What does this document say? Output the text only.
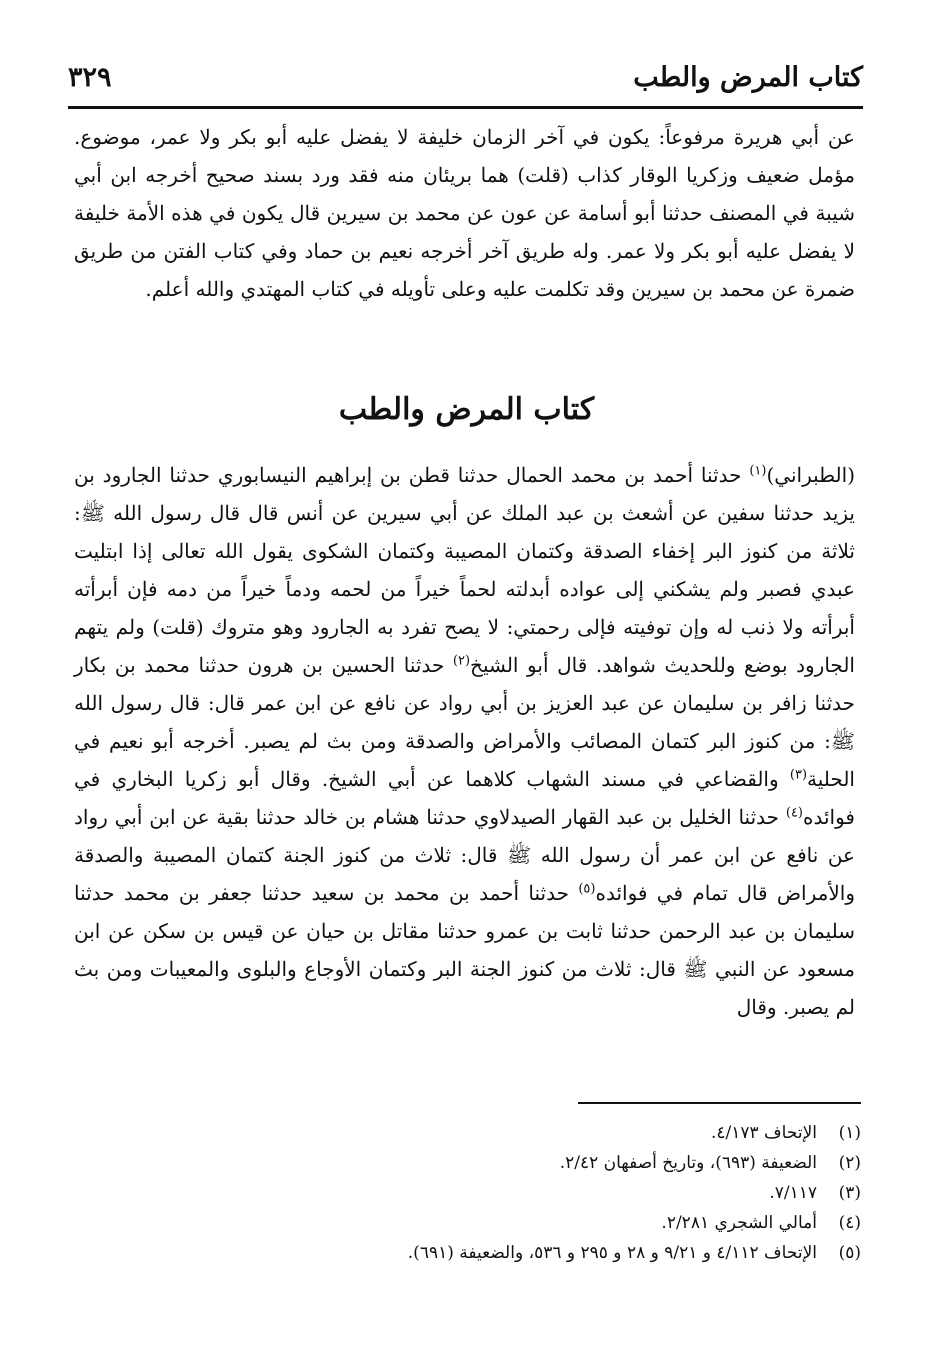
كتاب المرض والطب
٣٢٩

عن أبي هريرة مرفوعاً: يكون في آخر الزمان خليفة لا يفضل عليه أبو بكر ولا عمر، موضوع. مؤمل ضعيف وزكريا الوقار كذاب (قلت) هما بريئان منه فقد ورد بسند صحيح أخرجه ابن أبي شيبة في المصنف حدثنا أبو أسامة عن عون عن محمد بن سيرين قال يكون في هذه الأمة خليفة لا يفضل عليه أبو بكر ولا عمر. وله طريق آخر أخرجه نعيم بن حماد وفي كتاب الفتن من طريق ضمرة عن محمد بن سيرين وقد تكلمت عليه وعلى تأويله في كتاب المهتدي والله أعلم.

كتاب المرض والطب

(الطبراني)$^{(١)}$ حدثنا أحمد بن محمد الحمال حدثنا قطن بن إبراهيم النيسابوري حدثنا الجارود بن يزيد حدثنا سفين عن أشعث بن عبد الملك عن أبي سيرين عن أنس قال قال رسول الله ﷺ: ثلاثة من كنوز البر إخفاء الصدقة وكتمان المصيبة وكتمان الشكوى يقول الله تعالى إذا ابتليت عبدي فصبر ولم يشكني إلى عواده أبدلته لحماً خيراً من لحمه ودماً خيراً من دمه فإن أبرأته أبرأته ولا ذنب له وإن توفيته فإلى رحمتي: لا يصح تفرد به الجارود وهو متروك (قلت) ولم يتهم الجارود بوضع وللحديث شواهد. قال أبو الشيخ$^{(٢)}$ حدثنا الحسين بن هرون حدثنا محمد بن بكار حدثنا زافر بن سليمان عن عبد العزيز بن أبي رواد عن نافع عن ابن عمر قال: قال رسول الله ﷺ: من كنوز البر كتمان المصائب والأمراض والصدقة ومن بث لم يصبر. أخرجه أبو نعيم في الحلية$^{(٣)}$ والقضاعي في مسند الشهاب كلاهما عن أبي الشيخ. وقال أبو زكريا البخاري في فوائده$^{(٤)}$ حدثنا الخليل بن عبد القهار الصيدلاوي حدثنا هشام بن خالد حدثنا بقية عن ابن أبي رواد عن نافع عن ابن عمر أن رسول الله ﷺ قال: ثلاث من كنوز الجنة كتمان المصيبة والصدقة والأمراض قال تمام في فوائده$^{(٥)}$ حدثنا أحمد بن محمد بن سعيد حدثنا جعفر بن محمد حدثنا سليمان بن عبد الرحمن حدثنا ثابت بن عمرو حدثنا مقاتل بن حيان عن قيس بن سكن عن ابن مسعود عن النبي ﷺ قال: ثلاث من كنوز الجنة البر وكتمان الأوجاع والبلوى والمعيبات ومن بث لم يصبر. وقال

(١)
الإتحاف ٤/١٧٣.
(٢)
الضعيفة (٦٩٣)، وتاريخ أصفهان ٢/٤٢.
(٣)
٧/١١٧.
(٤)
أمالي الشجري ٢/٢٨١.
(٥)
الإتحاف ٤/١١٢ و ٩/٢١ و ٢٨ و ٢٩٥ و ٥٣٦، والضعيفة (٦٩١).
